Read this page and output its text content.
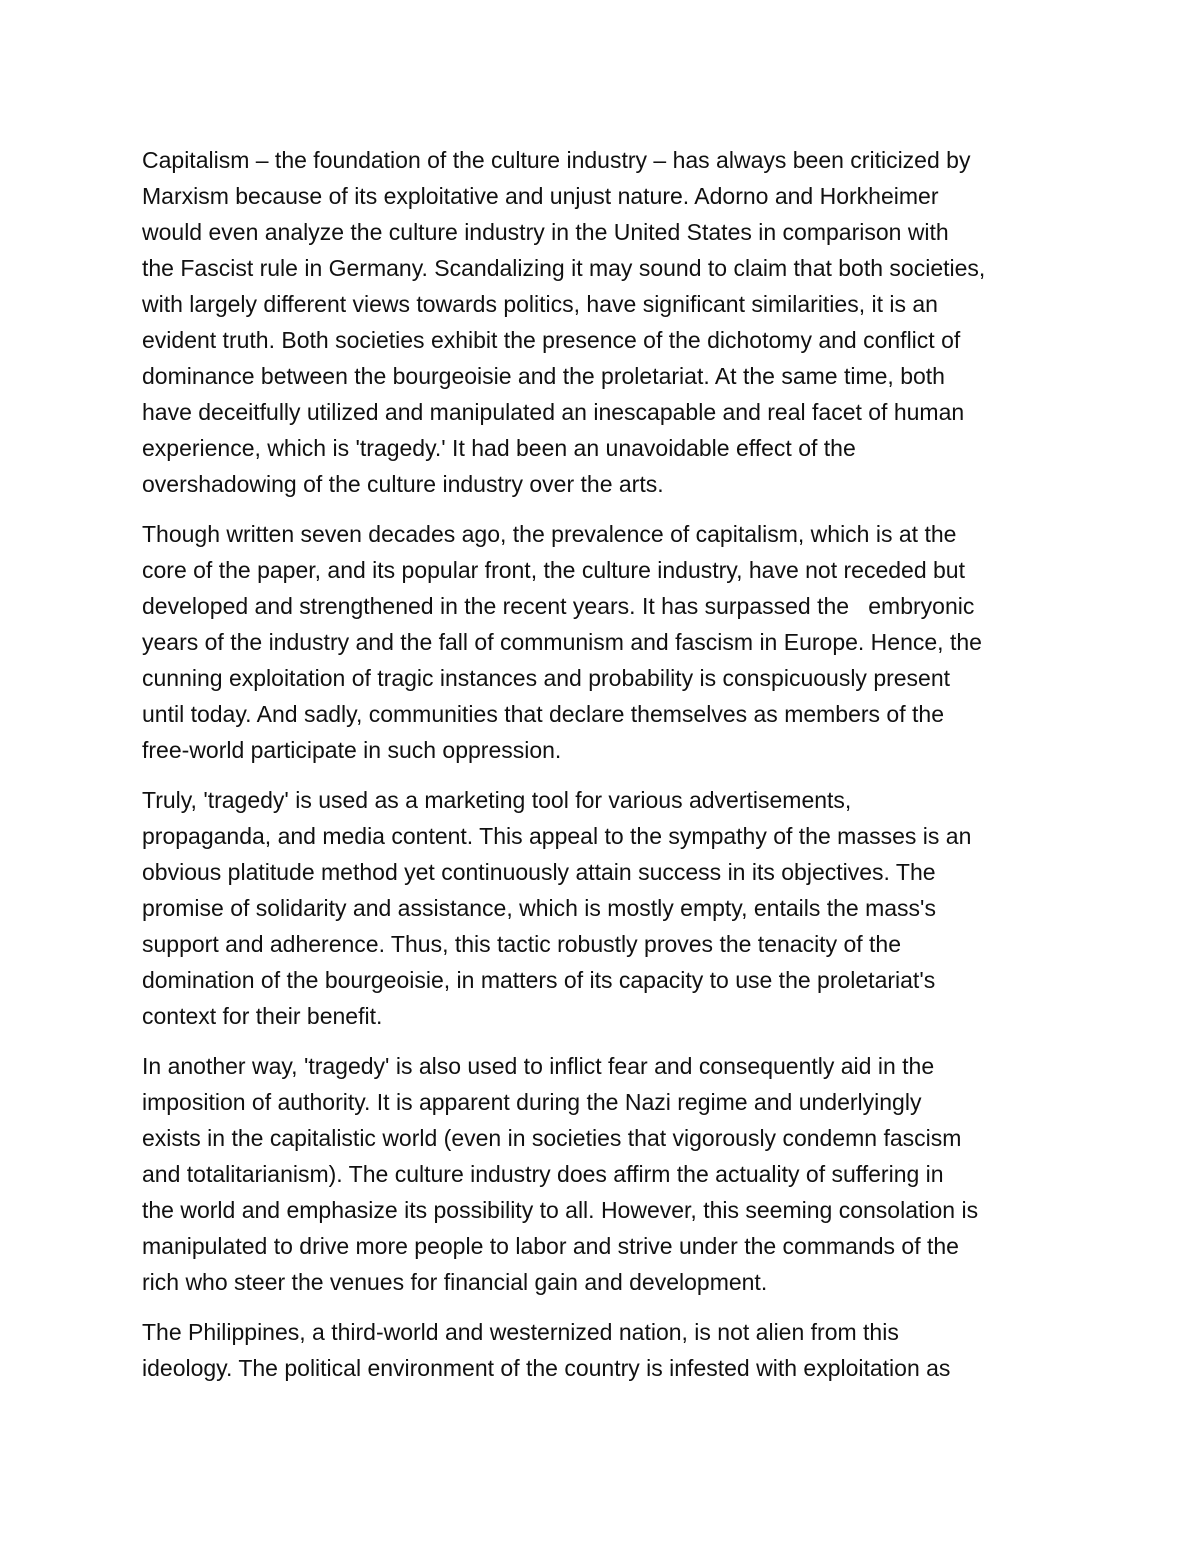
Capitalism – the foundation of the culture industry – has always been criticized by
Marxism because of its exploitative and unjust nature. Adorno and Horkheimer
would even analyze the culture industry in the United States in comparison with
the Fascist rule in Germany. Scandalizing it may sound to claim that both societies,
with largely different views towards politics, have significant similarities, it is an
evident truth. Both societies exhibit the presence of the dichotomy and conflict of
dominance between the bourgeoisie and the proletariat. At the same time, both
have deceitfully utilized and manipulated an inescapable and real facet of human
experience, which is 'tragedy.' It had been an unavoidable effect of the
overshadowing of the culture industry over the arts.
Though written seven decades ago, the prevalence of capitalism, which is at the
core of the paper, and its popular front, the culture industry, have not receded but
developed and strengthened in the recent years. It has surpassed the   embryonic
years of the industry and the fall of communism and fascism in Europe. Hence, the
cunning exploitation of tragic instances and probability is conspicuously present
until today. And sadly, communities that declare themselves as members of the
free-world participate in such oppression.
Truly, 'tragedy' is used as a marketing tool for various advertisements,
propaganda, and media content. This appeal to the sympathy of the masses is an
obvious platitude method yet continuously attain success in its objectives. The
promise of solidarity and assistance, which is mostly empty, entails the mass's
support and adherence. Thus, this tactic robustly proves the tenacity of the
domination of the bourgeoisie, in matters of its capacity to use the proletariat's
context for their benefit.
In another way, 'tragedy' is also used to inflict fear and consequently aid in the
imposition of authority. It is apparent during the Nazi regime and underlyingly
exists in the capitalistic world (even in societies that vigorously condemn fascism
and totalitarianism). The culture industry does affirm the actuality of suffering in
the world and emphasize its possibility to all. However, this seeming consolation is
manipulated to drive more people to labor and strive under the commands of the
rich who steer the venues for financial gain and development.
The Philippines, a third-world and westernized nation, is not alien from this
ideology. The political environment of the country is infested with exploitation as
